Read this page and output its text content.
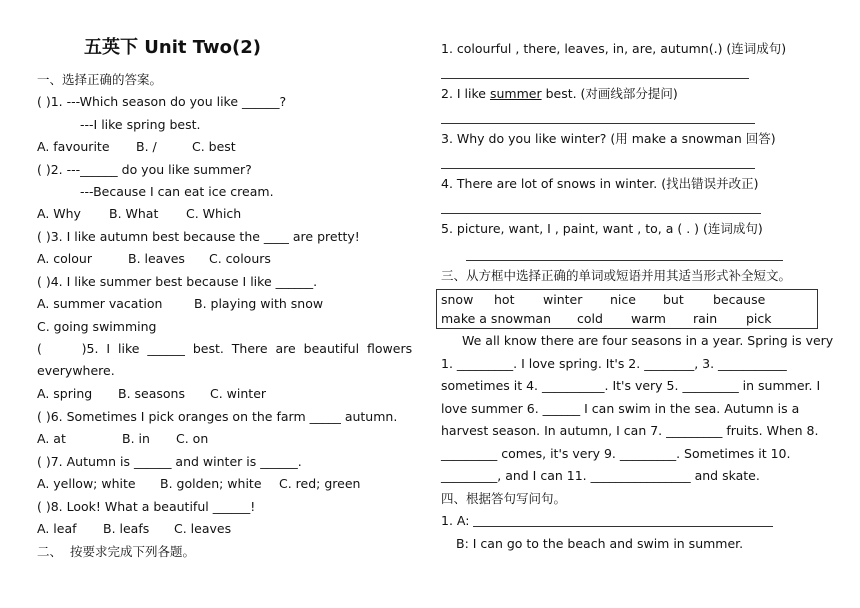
五英下 Unit Two(2)
一、选择正确的答案。
( )1. ---Which season do you like ______?
---I like spring best.
A. favourite B. /	C. best
( )2. ---______ do you like summer?
---Because I can eat ice cream.
A. Why B. What C. Which
( )3. I like autumn best because the ____ are pretty!
A. colour	B. leaves C. colours
( )4. I like summer best because I like ______.
A. summer vacation	B. playing with snow
C. going swimming
(          )5.  I  like  ______  best.  There  are  beautiful  flowers
everywhere.
A. spring B. seasons C. winter
( )6. Sometimes I pick oranges on the farm _____ autumn.
A. at	B. in C. on
( )7. Autumn is ______ and winter is ______.
A. yellow; white B. golden; white C. red; green
( )8. Look! What a beautiful ______!
A. leaf B. leafs C. leaves
二、  按要求完成下列各题。
1. colourful , there, leaves, in, are, autumn(.) (连词成句)
2. I like summer best. (对画线部分提问)
3. Why do you like winter? (用 make a snowman 回答)
4. There are lot of snows in winter. (找出错误并改正)
5. picture, want, I , paint, want , to, a ( . ) (连词成句)
三、从方框中选择正确的单词或短语并用其适当形式补全短文。
snow hot winter nice but because
make a snowman cold warm rain pick
We all know there are four seasons in a year. Spring is very
1. _________. I love spring. It's 2. ________, 3. ___________
sometimes it 4. __________. It's very 5. _________ in summer. I
love summer 6. ______ I can swim in the sea. Autumn is a
harvest season. In autumn, I can 7. _________ fruits. When 8.
_________ comes, it's very 9. _________. Sometimes it 10.
_________, and I can 11. ________________ and skate.
四、根据答句写问句。
1. A:
B: I can go to the beach and swim in summer.
